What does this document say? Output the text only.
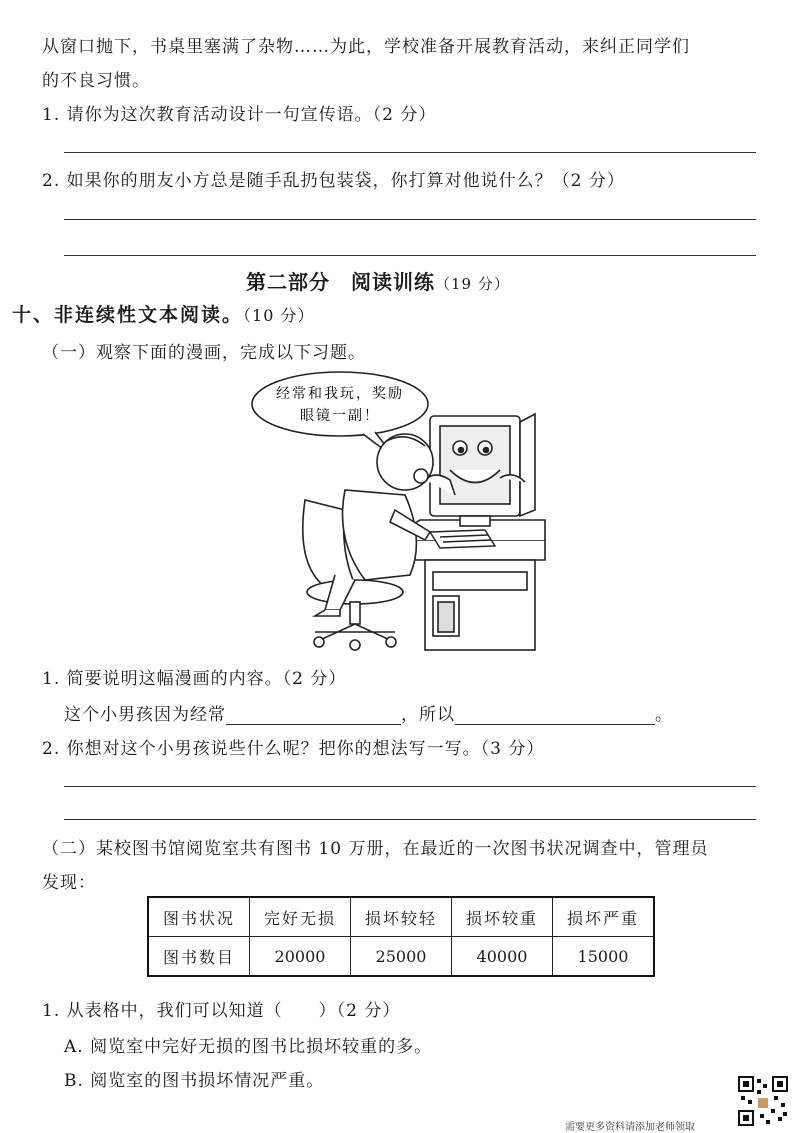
从窗口抛下，书桌里塞满了杂物……为此，学校准备开展教育活动，来纠正同学们
的不良习惯。
1. 请你为这次教育活动设计一句宣传语。（2 分）
2. 如果你的朋友小方总是随手乱扔包装袋，你打算对他说什么？（2 分）
第二部分　阅读训练（19 分）
十、非连续性文本阅读。（10 分）
（一）观察下面的漫画，完成以下习题。
经常和我玩，奖励
眼镜一副！
1. 简要说明这幅漫画的内容。（2 分）
这个小男孩因为经常	，所以	。
2. 你想对这个小男孩说些什么呢？把你的想法写一写。（3 分）
（二）某校图书馆阅览室共有图书 10 万册，在最近的一次图书状况调查中，管理员
发现：
图书状况	完好无损	损坏较轻	损坏较重	损坏严重
图书数目	20000	25000	40000	15000
1. 从表格中，我们可以知道（　　）（2 分）
A. 阅览室中完好无损的图书比损坏较重的多。
B. 阅览室的图书损坏情况严重。
需要更多资料请添加老师领取
